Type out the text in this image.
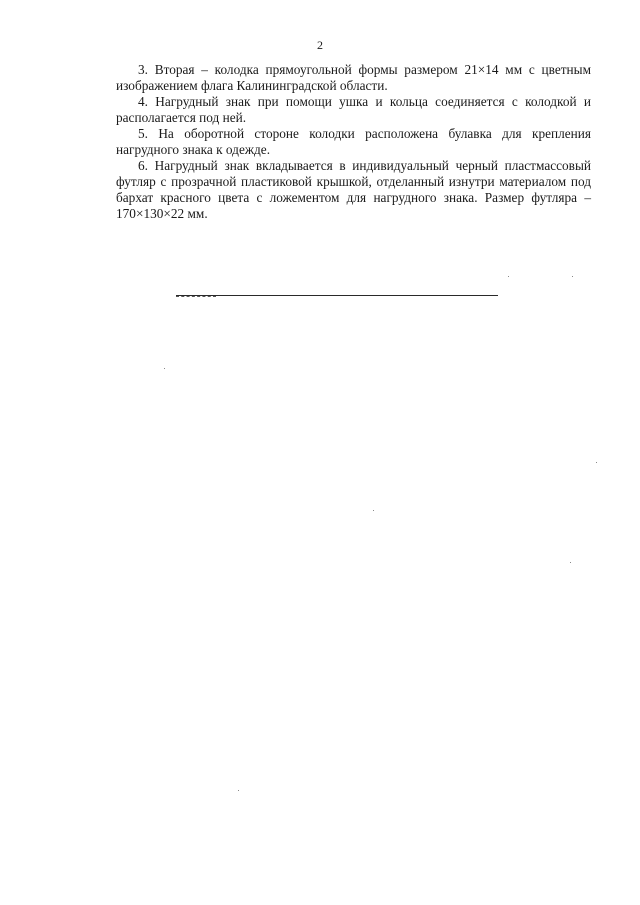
2

3. Вторая – колодка прямоугольной формы размером 21×14 мм с цветным изображением флага Калининградской области.

4. Нагрудный знак при помощи ушка и кольца соединяется с колодкой и располагается под ней.

5. На оборотной стороне колодки расположена булавка для крепления нагрудного знака к одежде.

6. Нагрудный знак вкладывается в индивидуальный черный пластмассовый футляр с прозрачной пластиковой крышкой, отделанный изнутри материалом под бархат красного цвета с ложементом для нагрудного знака. Размер футляра – 170×130×22 мм.
